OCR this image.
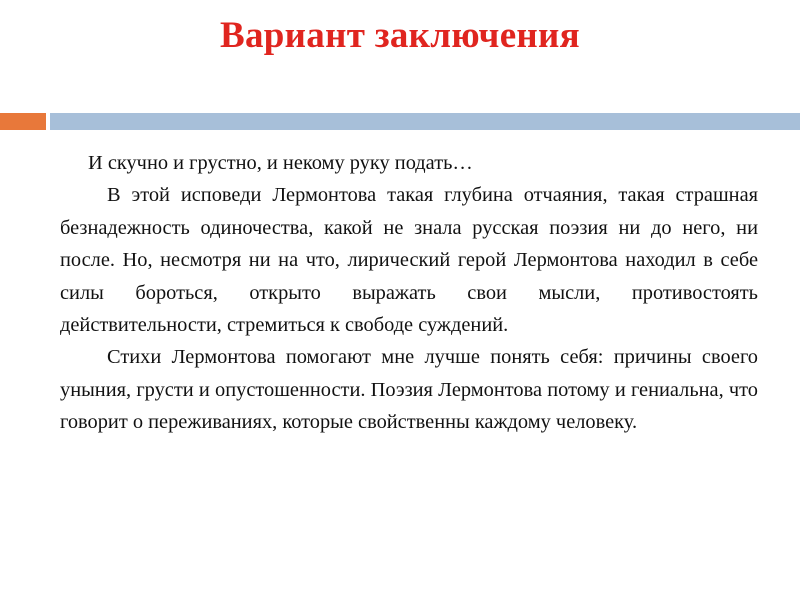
Вариант заключения

И скучно и грустно, и некому руку подать…

В этой исповеди Лермонтова такая глубина отчаяния, такая страшная безнадежность одиночества, какой не знала русская поэзия ни до него, ни после. Но, несмотря ни на что, лирический герой Лермонтова находил в себе силы бороться, открыто выражать свои мысли, противостоять действительности, стремиться к свободе суждений.

Стихи Лермонтова помогают мне лучше понять себя: причины своего уныния, грусти и опустошенности. Поэзия Лермонтова потому и гениальна, что говорит о переживаниях, которые свойственны каждому человеку.
